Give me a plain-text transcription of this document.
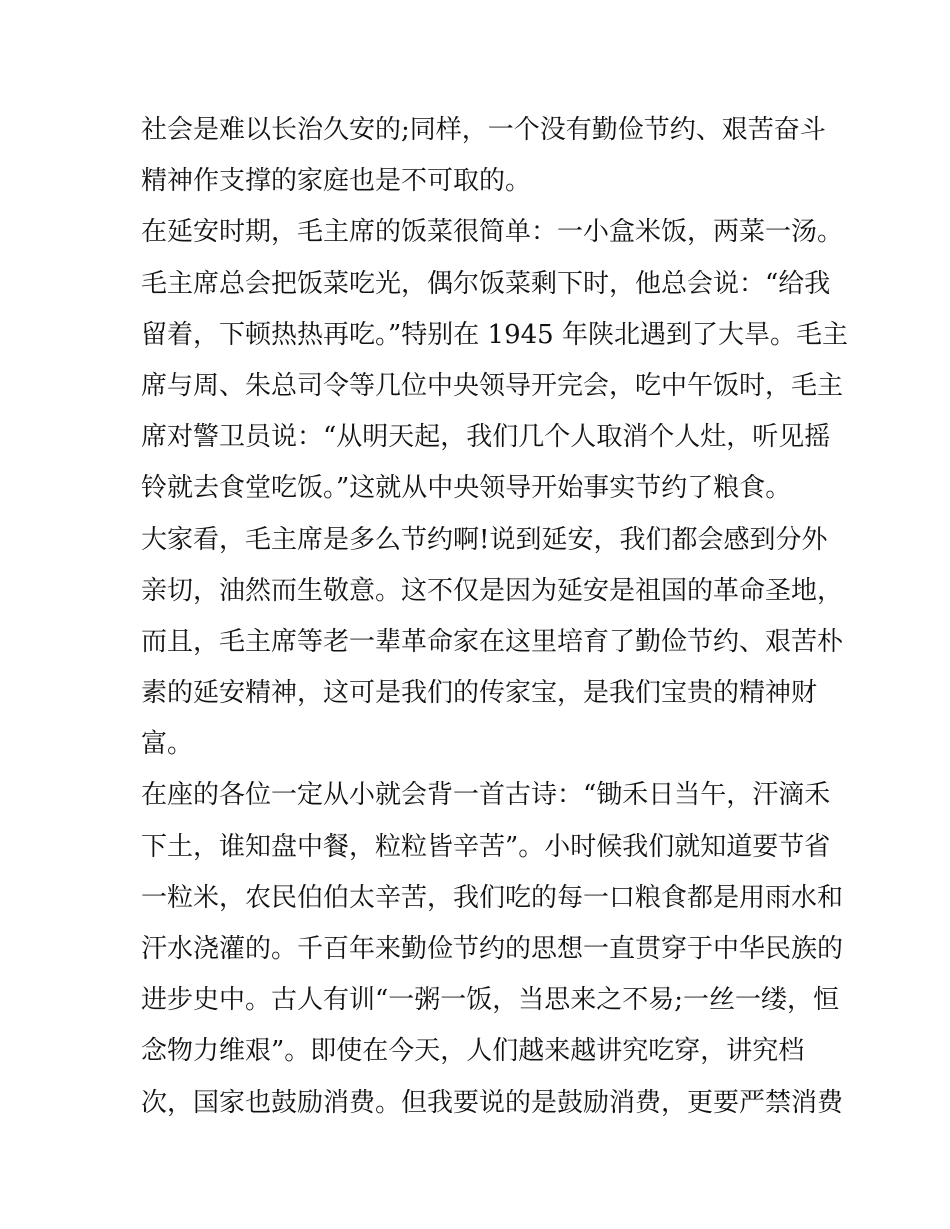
社会是难以长治久安的;同样，一个没有勤俭节约、艰苦奋斗
精神作支撑的家庭也是不可取的。
在延安时期，毛主席的饭菜很简单：一小盒米饭，两菜一汤。
毛主席总会把饭菜吃光，偶尔饭菜剩下时，他总会说：“给我
留着，下顿热热再吃。”特别在 1945 年陕北遇到了大旱。毛主
席与周、朱总司令等几位中央领导开完会，吃中午饭时，毛主
席对警卫员说：“从明天起，我们几个人取消个人灶，听见摇
铃就去食堂吃饭。”这就从中央领导开始事实节约了粮食。
大家看，毛主席是多么节约啊!说到延安，我们都会感到分外
亲切，油然而生敬意。这不仅是因为延安是祖国的革命圣地，
而且，毛主席等老一辈革命家在这里培育了勤俭节约、艰苦朴
素的延安精神，这可是我们的传家宝，是我们宝贵的精神财
富。
在座的各位一定从小就会背一首古诗：“锄禾日当午，汗滴禾
下土，谁知盘中餐，粒粒皆辛苦”。小时候我们就知道要节省
一粒米，农民伯伯太辛苦，我们吃的每一口粮食都是用雨水和
汗水浇灌的。千百年来勤俭节约的思想一直贯穿于中华民族的
进步史中。古人有训“一粥一饭，当思来之不易;一丝一缕，恒
念物力维艰”。即使在今天，人们越来越讲究吃穿，讲究档
次，国家也鼓励消费。但我要说的是鼓励消费，更要严禁消费
